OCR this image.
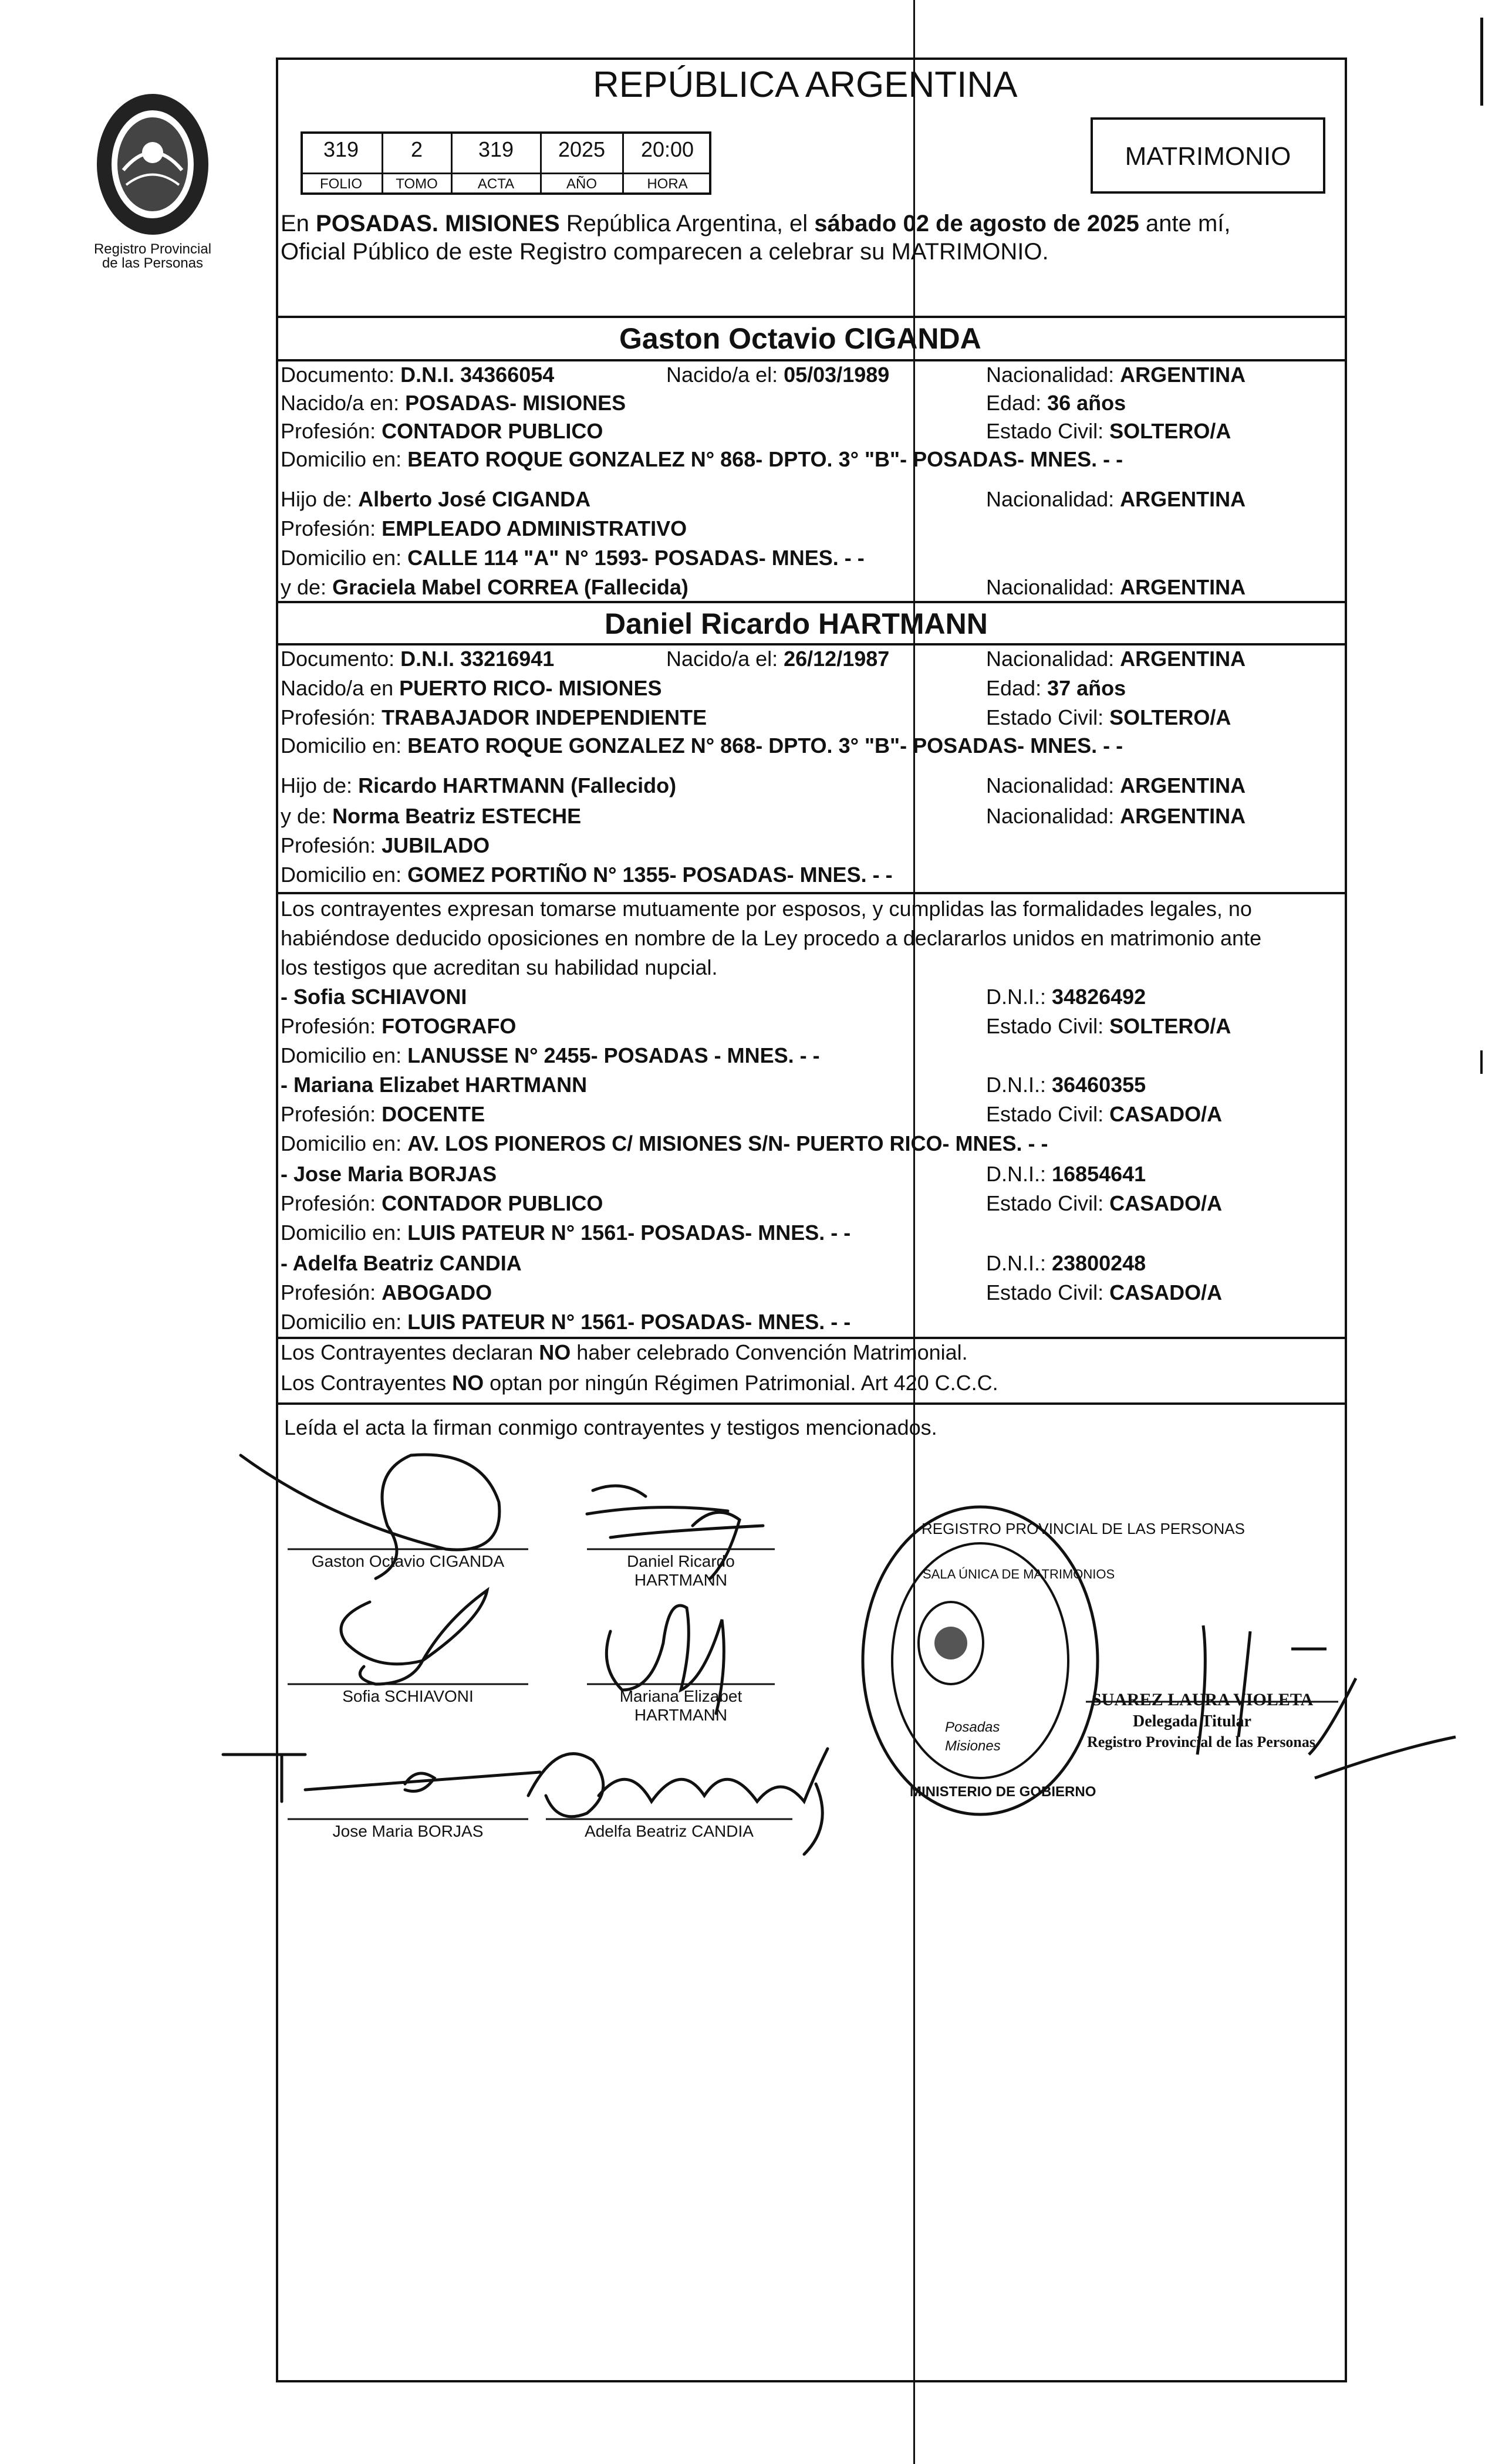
Registro Provincial
de las Personas
REPÚBLICA ARGENTINA
319	2	319	2025	20:00
FOLIO	TOMO	ACTA	AÑO	HORA
MATRIMONIO
En POSADAS. MISIONES República Argentina, el sábado 02 de agosto de 2025 ante mí,
Oficial Público de este Registro comparecen a celebrar su MATRIMONIO.
Gaston Octavio CIGANDA
Documento: D.N.I. 34366054	Nacido/a el: 05/03/1989	Nacionalidad: ARGENTINA
Nacido/a en: POSADAS- MISIONES	Edad: 36 años
Profesión: CONTADOR PUBLICO	Estado Civil: SOLTERO/A
Domicilio en: BEATO ROQUE GONZALEZ N° 868- DPTO. 3° "B"- POSADAS- MNES. - -
Hijo de: Alberto José CIGANDA	Nacionalidad: ARGENTINA
Profesión: EMPLEADO ADMINISTRATIVO
Domicilio en: CALLE 114 "A" N° 1593- POSADAS- MNES. - -
y de: Graciela Mabel CORREA (Fallecida)	Nacionalidad: ARGENTINA
Daniel Ricardo HARTMANN
Documento: D.N.I. 33216941	Nacido/a el: 26/12/1987	Nacionalidad: ARGENTINA
Nacido/a en PUERTO RICO- MISIONES	Edad: 37 años
Profesión: TRABAJADOR INDEPENDIENTE	Estado Civil: SOLTERO/A
Domicilio en: BEATO ROQUE GONZALEZ N° 868- DPTO. 3° "B"- POSADAS- MNES. - -
Hijo de: Ricardo HARTMANN (Fallecido)	Nacionalidad: ARGENTINA
y de: Norma Beatriz ESTECHE	Nacionalidad: ARGENTINA
Profesión: JUBILADO
Domicilio en: GOMEZ PORTIÑO N° 1355- POSADAS- MNES. - -
Los contrayentes expresan tomarse mutuamente por esposos, y cumplidas las formalidades legales, no
habiéndose deducido oposiciones en nombre de la Ley procedo a declararlos unidos en matrimonio ante
los testigos que acreditan su habilidad nupcial.
- Sofia SCHIAVONI	D.N.I.: 34826492
Profesión: FOTOGRAFO	Estado Civil: SOLTERO/A
Domicilio en: LANUSSE N° 2455- POSADAS - MNES. - -
- Mariana Elizabet HARTMANN	D.N.I.: 36460355
Profesión: DOCENTE	Estado Civil: CASADO/A
Domicilio en: AV. LOS PIONEROS C/ MISIONES S/N- PUERTO RICO- MNES. - -
- Jose Maria BORJAS	D.N.I.: 16854641
Profesión: CONTADOR PUBLICO	Estado Civil: CASADO/A
Domicilio en: LUIS PATEUR N° 1561- POSADAS- MNES. - -
- Adelfa Beatriz CANDIA	D.N.I.: 23800248
Profesión: ABOGADO	Estado Civil: CASADO/A
Domicilio en: LUIS PATEUR N° 1561- POSADAS- MNES. - -
Los Contrayentes declaran NO haber celebrado Convención Matrimonial.
Los Contrayentes NO optan por ningún Régimen Patrimonial. Art 420 C.C.C.
Leída el acta la firman conmigo contrayentes y testigos mencionados.
Gaston Octavio CIGANDA	Daniel Ricardo
HARTMANN
Sofia SCHIAVONI	Mariana Elizabet
HARTMANN
Jose Maria BORJAS	Adelfa Beatriz CANDIA
REGISTRO PROVINCIAL DE LAS PERSONAS
SALA ÚNICA DE MATRIMONIOS
Posadas
Misiones
MINISTERIO DE GOBIERNO
SUAREZ LAURA VIOLETA
Delegada Titular
Registro Provincial de las Personas
